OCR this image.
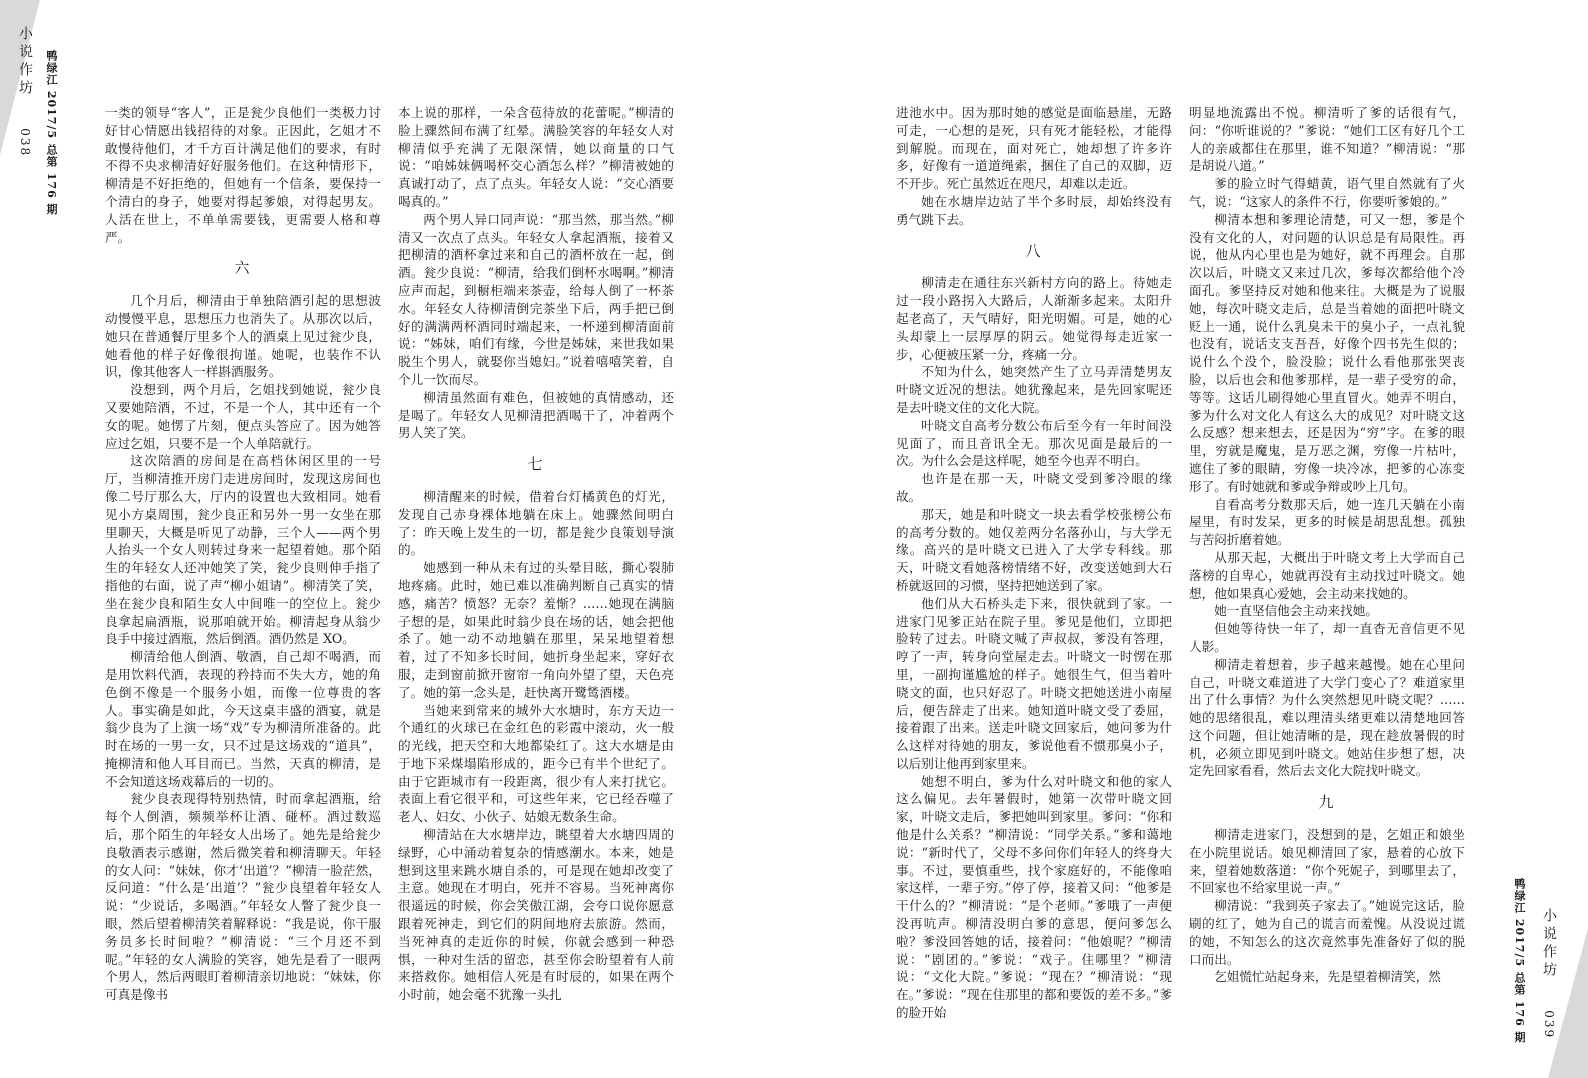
小说作坊  038 鸭绿江 2017/5 总第 176 期	一类的领导“客人”，正是瓮少良他们一类极力讨好甘心情愿出钱招待的对象。正因此，乞姐才不敢慢待他们，才千方百计满足他们的要求，有时不得不央求柳清好好服务他们。在这种情形下，柳清是不好拒绝的，但她有一个信条，要保持一个清白的身子，她要对得起爹娘，对得起男友。人活在世上，不单单需要钱，更需要人格和尊严。

六

几个月后，柳清由于单独陪酒引起的思想波动慢慢平息，思想压力也消失了。从那次以后，她只在普通餐厅里多个人的酒桌上见过瓮少良，她看他的样子好像很拘谨。她呢，也装作不认识，像其他客人一样斟酒服务。

没想到，两个月后，乞姐找到她说，瓮少良又要她陪酒，不过，不是一个人，其中还有一个女的呢。她愣了片刻，便点头答应了。因为她答应过乞姐，只要不是一个人单陪就行。

这次陪酒的房间是在高档休闲区里的一号厅，当柳清推开房门走进房间时，发现这房间也像二号厅那么大，厅内的设置也大致相同。她看见小方桌周围，瓮少良正和另外一男一女坐在那里聊天，大概是听见了动静，三个人——两个男人抬头一个女人则转过身来一起望着她。那个陌生的年轻女人还冲她笑了笑，瓮少良则伸手指了指他的右面，说了声“柳小姐请”。柳清笑了笑，坐在瓮少良和陌生女人中间唯一的空位上。瓮少良拿起扁酒瓶，说那咱就开始。柳清起身从翁少良手中接过酒瓶，然后倒酒。酒仍然是 XO。

柳清给他人倒酒、敬酒，自己却不喝酒，而是用饮料代酒，表现的矜持而不失大方，她的角色倒不像是一个服务小姐，而像一位尊贵的客人。事实确是如此，今天这桌丰盛的酒宴，就是翁少良为了上演一场“戏”专为柳清所准备的。此时在场的一男一女，只不过是这场戏的“道具”，掩柳清和他人耳目而已。当然，天真的柳清，是不会知道这场戏幕后的一切的。

瓮少良表现得特别热情，时而拿起酒瓶，给每个人倒酒，频频举杯让酒、碰杯。酒过数巡后，那个陌生的年轻女人出场了。她先是给瓮少良敬酒表示感谢，然后微笑着和柳清聊天。年轻的女人问：“妹妹，你才‘出道’？”柳清一脸茫然，反问道：“什么是‘出道’？”瓮少良望着年轻女人说：“少说话，多喝酒。”年轻女人瞥了瓮少良一眼，然后望着柳清笑着解释说：“我是说，你干服务员多长时间啦？”柳清说：“三个月还不到呢。”年轻的女人满脸的笑容，她先是看了一眼两个男人，然后两眼盯着柳清亲切地说：“妹妹，你可真是像书

本上说的那样，一朵含苞待放的花蕾呢。”柳清的脸上骤然间布满了红晕。满脸笑容的年轻女人对柳清似乎充满了无限深情，她以商量的口气说：“咱姊妹俩喝杯交心酒怎么样？”柳清被她的真诚打动了，点了点头。年轻女人说：“交心酒要喝真的。”

两个男人异口同声说：“那当然，那当然。”柳清又一次点了点头。年轻女人拿起酒瓶，接着又把柳清的酒杯拿过来和自己的酒杯放在一起，倒酒。瓮少良说：“柳清，给我们倒杯水喝啊。”柳清应声而起，到橱柜端来茶壶，给每人倒了一杯茶水。年轻女人待柳清倒完茶坐下后，两手把已倒好的满满两杯酒同时端起来，一杯递到柳清面前说：“姊妹，咱们有缘，今世是姊妹，来世我如果脱生个男人，就娶你当媳妇。”说着嘻嘻笑着，自个儿一饮而尽。

柳清虽然面有难色，但被她的真情感动，还是喝了。年轻女人见柳清把酒喝干了，冲着两个男人笑了笑。

七

柳清醒来的时候，借着台灯橘黄色的灯光，发现自己赤身裸体地躺在床上。她骤然间明白了：昨天晚上发生的一切，都是瓮少良策划导演的。

她感到一种从未有过的头晕目眩，撕心裂肺地疼痛。此时，她已难以准确判断自己真实的情感，痛苦？愤怒？无奈？羞惭？……她现在满脑子想的是，如果此时翁少良在场的话，她会把他杀了。她一动不动地躺在那里，呆呆地望着想着，过了不知多长时间，她折身坐起来，穿好衣服，走到窗前掀开窗帘一角向外望了望，天色亮了。她的第一念头是，赶快离开鹭鸶酒楼。

当她来到常来的城外大水塘时，东方天边一个通红的火球已在金红色的彩霞中滚动，火一般的光线，把天空和大地都染红了。这大水塘是由于地下采煤塌陷形成的，距今已有半个世纪了。由于它距城市有一段距离，很少有人来打扰它。表面上看它很平和，可这些年来，它已经吞噬了老人、妇女、小伙子、姑娘无数条生命。

柳清站在大水塘岸边，眺望着大水塘四周的绿野，心中涌动着复杂的情感潮水。本来，她是想到这里来跳水塘自杀的，可是现在她却改变了主意。她现在才明白，死并不容易。当死神离你很遥远的时候，你会笑傲江湖，会夸口说你愿意跟着死神走，到它们的阴间地府去旅游。然而，当死神真的走近你的时候，你就会感到一种恐惧，一种对生活的留恋，甚至你会盼望着有人前来搭救你。她相信人死是有时辰的，如果在两个小时前，她会毫不犹豫一头扎	鸭绿江 2017/5 总第 176 期 小说作坊  039

进池水中。因为那时她的感觉是面临悬崖，无路可走，一心想的是死，只有死才能轻松，才能得到解脱。而现在，面对死亡，她却想了许多许多，好像有一道道绳索，捆住了自己的双脚，迈不开步。死亡虽然近在咫尺，却难以走近。

她在水塘岸边站了半个多时辰，却始终没有勇气跳下去。

八

柳清走在通往东兴新村方向的路上。待她走过一段小路拐入大路后，人渐渐多起来。太阳升起老高了，天气晴好，阳光明媚。可是，她的心头却蒙上一层厚厚的阴云。她觉得每走近家一步，心便被压紧一分，疼痛一分。

不知为什么，她突然产生了立马弄清楚男友叶晓文近况的想法。她犹豫起来，是先回家呢还是去叶晓文住的文化大院。

叶晓文自高考分数公布后至今有一年时间没见面了，而且音讯全无。那次见面是最后的一次。为什么会是这样呢，她至今也弄不明白。

也许是在那一天，叶晓文受到爹冷眼的缘故。

那天，她是和叶晓文一块去看学校张榜公布的高考分数的。她仅差两分名落孙山，与大学无缘。高兴的是叶晓文已进入了大学专科线。那天，叶晓文看她落榜情绪不好，改变送她到大石桥就返回的习惯，坚持把她送到了家。

他们从大石桥头走下来，很快就到了家。一进家门见爹正站在院子里。爹见是他们，立即把脸转了过去。叶晓文喊了声叔叔，爹没有答理，哼了一声，转身向堂屋走去。叶晓文一时愣在那里，一副拘谨尴尬的样子。她很生气，但当着叶晓文的面，也只好忍了。叶晓文把她送进小南屋后，便告辞走了出来。她知道叶晓文受了委屈，接着跟了出来。送走叶晓文回家后，她问爹为什么这样对待她的朋友，爹说他看不惯那臭小子，以后别让他再到家里来。

她想不明白，爹为什么对叶晓文和他的家人这么偏见。去年暑假时，她第一次带叶晓文回家，叶晓文走后，爹把她叫到家里。爹问：“你和他是什么关系？”柳清说：“同学关系。”爹和蔼地说：“新时代了，父母不多问你们年轻人的终身大事。不过，要慎重些，找个家庭好的，不能像咱家这样，一辈子穷。”停了停，接着又问：“他爹是干什么的？”柳清说：“是个老师。”爹哦了一声便没再吭声。柳清没明白爹的意思，便问爹怎么啦？爹没回答她的话，接着问：“他娘呢？”柳清说：“剧团的。”爹说：“戏子。住哪里？”柳清说：“文化大院。”爹说：“现在？”柳清说：“现在。”爹说：“现在住那里的都和要饭的差不多。”爹的脸开始

明显地流露出不悦。柳清听了爹的话很有气，问：“你听谁说的？”爹说：“她们工区有好几个工人的亲戚都住在那里，谁不知道？”柳清说：“那是胡说八道。”

爹的脸立时气得蜡黄，语气里自然就有了火气，说：“这家人的条件不行，你要听爹娘的。”

柳清本想和爹理论清楚，可又一想，爹是个没有文化的人，对问题的认识总是有局限性。再说，他从内心里也是为她好，就不再理会。自那次以后，叶晓文又来过几次，爹每次都给他个冷面孔。爹坚持反对她和他来往。大概是为了说服她，每次叶晓文走后，总是当着她的面把叶晓文贬上一通，说什么乳臭未干的臭小子，一点礼貌也没有，说话支支吾吾，好像个四书先生似的；说什么个没个，脸没脸；说什么看他那张哭丧脸，以后也会和他爹那样，是一辈子受穷的命，等等。这话儿刷得她心里直冒火。她弄不明白，爹为什么对文化人有这么大的成见？对叶晓文这么反感？想来想去，还是因为“穷”字。在爹的眼里，穷就是魔鬼，是万恶之渊，穷像一片枯叶，遮住了爹的眼睛，穷像一块冷冰，把爹的心冻变形了。有时她就和爹或争辩或吵上几句。

自看高考分数那天后，她一连几天躺在小南屋里，有时发呆，更多的时候是胡思乱想。孤独与苦闷折磨着她。

从那天起，大概出于叶晓文考上大学而自己落榜的自卑心，她就再没有主动找过叶晓文。她想，他如果真心爱她，会主动来找她的。

她一直坚信他会主动来找她。

但她等待快一年了，却一直杳无音信更不见人影。

柳清走着想着，步子越来越慢。她在心里问自己，叶晓文难道进了大学门变心了？难道家里出了什么事情？为什么突然想见叶晓文呢？……她的思绪很乱，难以理清头绪更难以清楚地回答这个问题，但让她清晰的是，现在趁放暑假的时机，必须立即见到叶晓文。她站住步想了想，决定先回家看看，然后去文化大院找叶晓文。

九

柳清走进家门，没想到的是，乞姐正和娘坐在小院里说话。娘见柳清回了家，悬着的心放下来，望着她数落道：“你个死妮子，到哪里去了，不回家也不给家里说一声。”

柳清说：“我到英子家去了。”她说完这话，脸刷的红了，她为自己的谎言而羞愧。从没说过谎的她，不知怎么的这次竟然事先准备好了似的脱口而出。

乞姐慌忙站起身来，先是望着柳清笑，然
